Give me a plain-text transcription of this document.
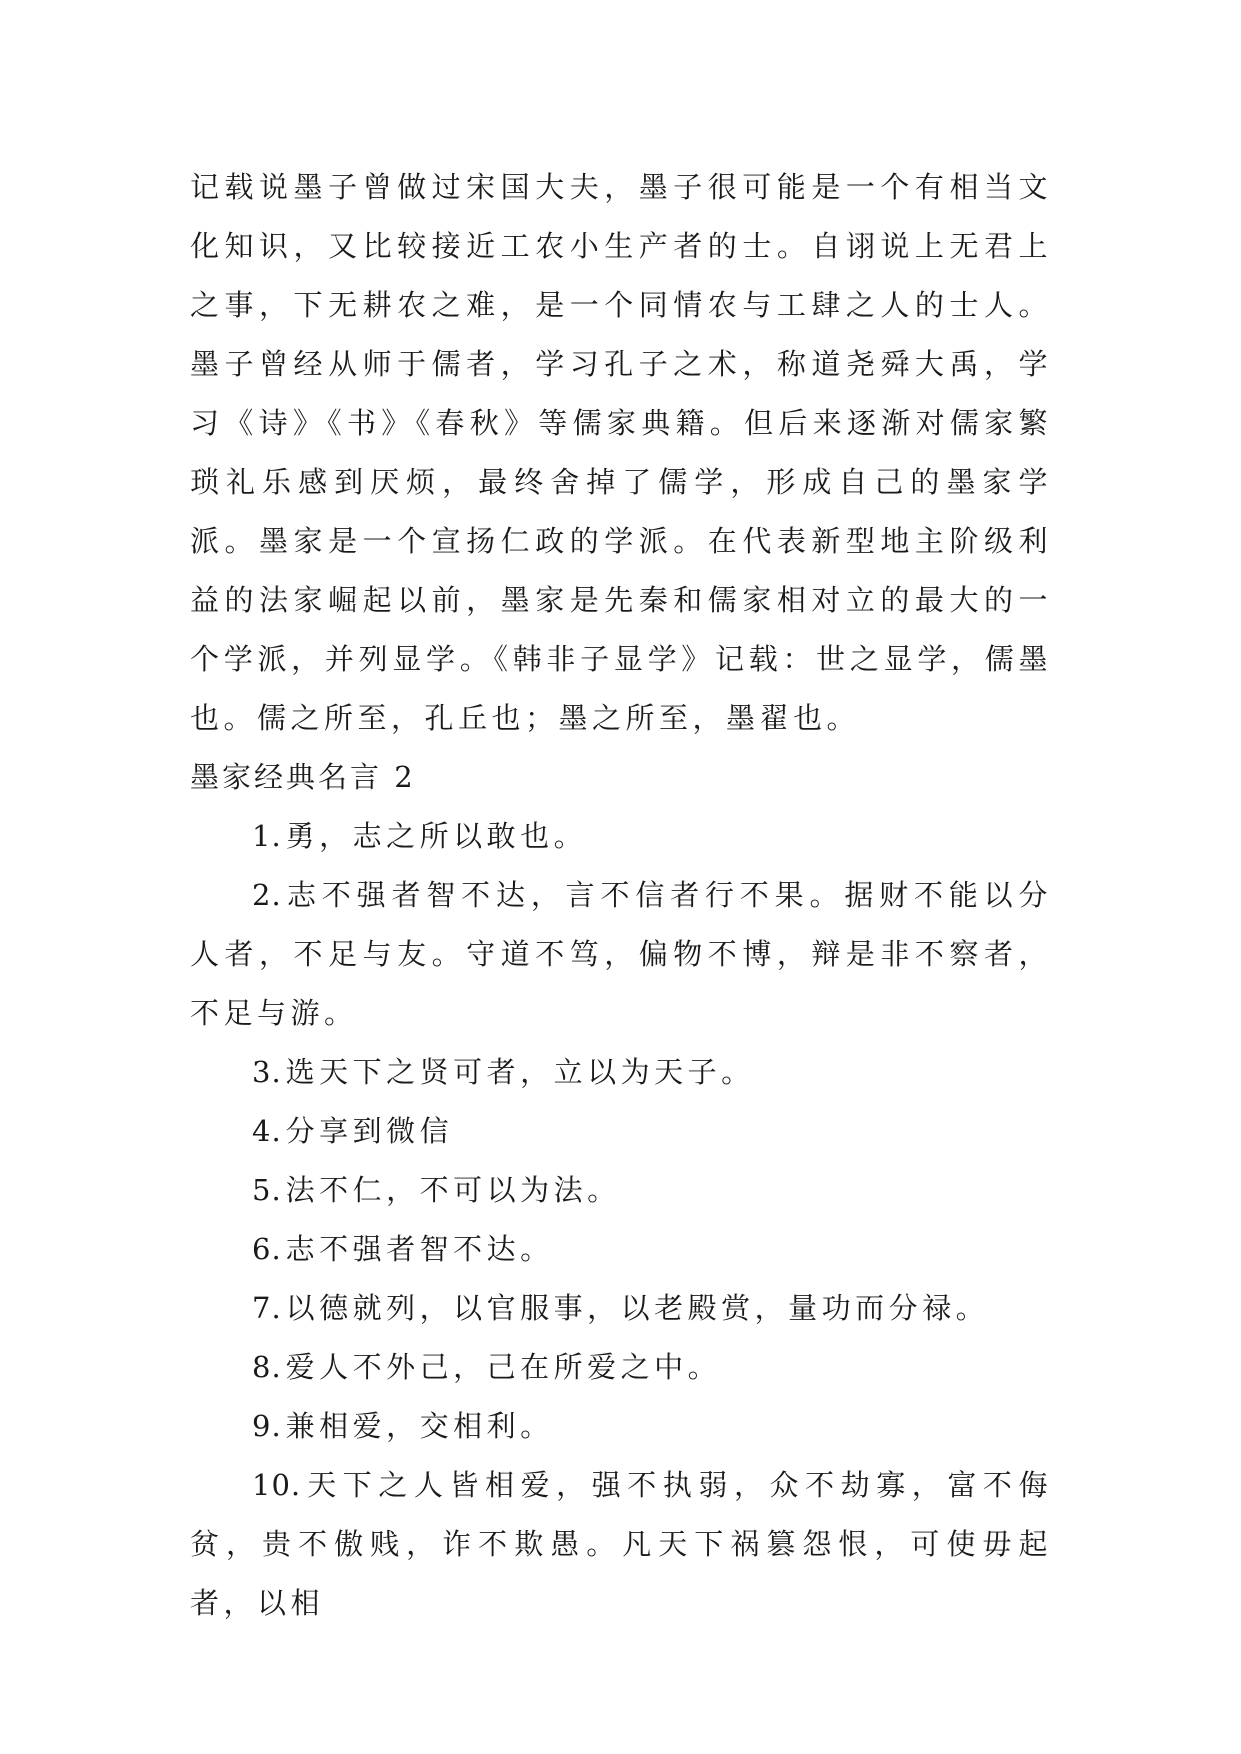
记载说墨子曾做过宋国大夫，墨子很可能是一个有相当文化知识，又比较接近工农小生产者的士。自诩说上无君上之事，下无耕农之难，是一个同情农与工肆之人的士人。墨子曾经从师于儒者，学习孔子之术，称道尧舜大禹，学习《诗》《书》《春秋》等儒家典籍。但后来逐渐对儒家繁琐礼乐感到厌烦，最终舍掉了儒学，形成自己的墨家学派。墨家是一个宣扬仁政的学派。在代表新型地主阶级利益的法家崛起以前，墨家是先秦和儒家相对立的最大的一个学派，并列显学。《韩非子显学》记载：世之显学，儒墨也。儒之所至，孔丘也；墨之所至，墨翟也。

墨家经典名言 2

1. 勇，志之所以敢也。

2. 志不强者智不达，言不信者行不果。据财不能以分人者，不足与友。守道不笃，偏物不博，辩是非不察者，不足与游。

3. 选天下之贤可者，立以为天子。

4. 分享到微信

5. 法不仁，不可以为法。

6. 志不强者智不达。

7. 以德就列，以官服事，以老殿赏，量功而分禄。

8. 爱人不外己，己在所爱之中。

9. 兼相爱，交相利。

10. 天下之人皆相爱，强不执弱，众不劫寡，富不侮贫，贵不傲贱，诈不欺愚。凡天下祸篡怨恨，可使毋起者，以相
